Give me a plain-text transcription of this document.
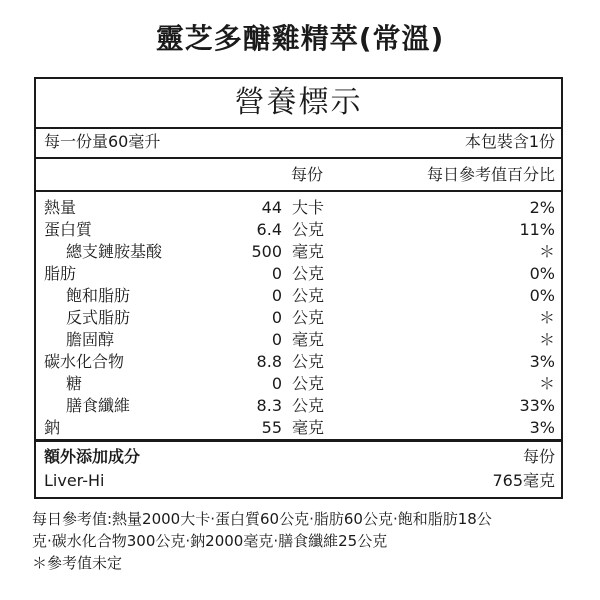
靈芝多醣雞精萃(常溫)
營養標示
每一份量60毫升	本包裝含1份
每份	每日參考值百分比
熱量	44 大卡	2%
蛋白質	6.4 公克	11%
總支鏈胺基酸	500 毫克	＊
脂肪	0 公克	0%
飽和脂肪	0 公克	0%
反式脂肪	0 公克	＊
膽固醇	0 毫克	＊
碳水化合物	8.8 公克	3%
糖	0 公克	＊
膳食纖維	8.3 公克	33%
鈉	55 毫克	3%
額外添加成分	每份
Liver-Hi	765毫克
每日參考值:熱量2000大卡‧蛋白質60公克‧脂肪60公克‧飽和脂肪18公
克‧碳水化合物300公克‧鈉2000毫克‧膳食纖維25公克
＊參考值未定
